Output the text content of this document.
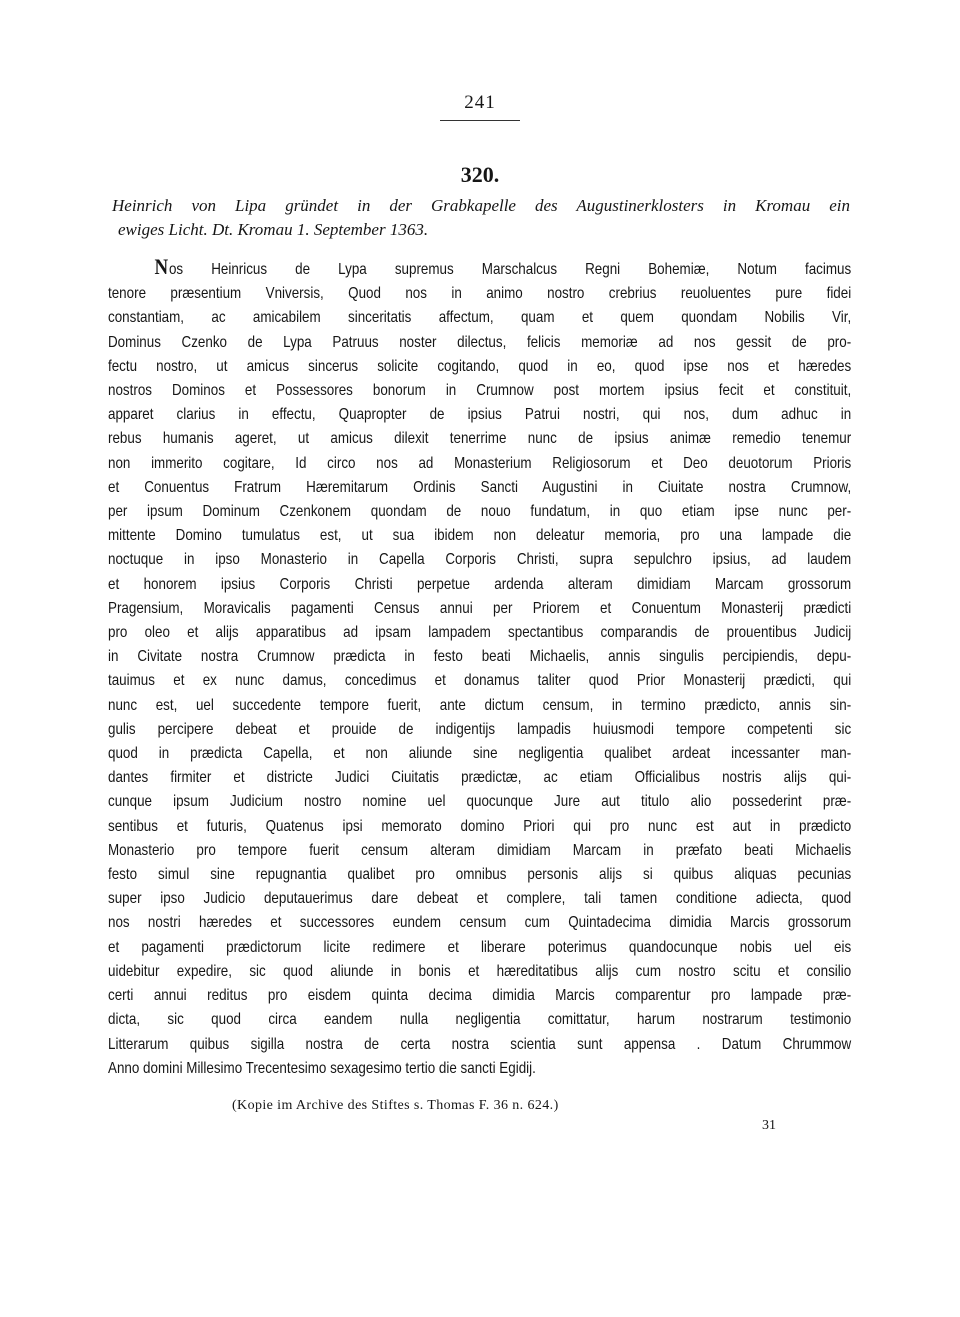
241
320.
Heinrich von Lipa gründet in der Grabkapelle des Augustinerklosters in Kromau ein
ewiges Licht. Dt. Kromau 1. September 1363.
Nos Heinricus de Lypa supremus Marschalcus Regni Bohemiæ, Notum facimus
tenore præsentium Vniversis, Quod nos in animo nostro crebrius reuoluentes pure fidei
constantiam, ac amicabilem sinceritatis affectum, quam et quem quondam Nobilis Vir,
Dominus Czenko de Lypa Patruus noster dilectus, felicis memoriæ ad nos gessit de pro-
fectu nostro, ut amicus sincerus solicite cogitando, quod in eo, quod ipse nos et hæredes
nostros Dominos et Possessores bonorum in Crumnow post mortem ipsius fecit et constituit,
apparet clarius in effectu, Quapropter de ipsius Patrui nostri, qui nos, dum adhuc in
rebus humanis ageret, ut amicus dilexit tenerrime nunc de ipsius animæ remedio tenemur
non immerito cogitare, Id circo nos ad Monasterium Religiosorum et Deo deuotorum Prioris
et Conuentus Fratrum Hæremitarum Ordinis Sancti Augustini in Ciuitate nostra Crumnow,
per ipsum Dominum Czenkonem quondam de nouo fundatum, in quo etiam ipse nunc per-
mittente Domino tumulatus est, ut sua ibidem non deleatur memoria, pro una lampade die
noctuque in ipso Monasterio in Capella Corporis Christi, supra sepulchro ipsius, ad laudem
et honorem ipsius Corporis Christi perpetue ardenda alteram dimidiam Marcam grossorum
Pragensium, Moravicalis pagamenti Census annui per Priorem et Conuentum Monasterij prædicti
pro oleo et alijs apparatibus ad ipsam lampadem spectantibus comparandis de prouentibus Judicij
in Civitate nostra Crumnow prædicta in festo beati Michaelis, annis singulis percipiendis, depu-
tauimus et ex nunc damus, concedimus et donamus taliter quod Prior Monasterij prædicti, qui
nunc est, uel succedente tempore fuerit, ante dictum censum, in termino prædicto, annis sin-
gulis percipere debeat et prouide de indigentijs lampadis huiusmodi tempore competenti sic
quod in prædicta Capella, et non aliunde sine negligentia qualibet ardeat incessanter man-
dantes firmiter et districte Judici Ciuitatis prædictæ, ac etiam Officialibus nostris alijs qui-
cunque ipsum Judicium nostro nomine uel quocunque Jure aut titulo alio possederint præ-
sentibus et futuris, Quatenus ipsi memorato domino Priori qui pro nunc est aut in prædicto
Monasterio pro tempore fuerit censum alteram dimidiam Marcam in præfato beati Michaelis
festo simul sine repugnantia qualibet pro omnibus personis alijs si quibus aliquas pecunias
super ipso Judicio deputauerimus dare debeat et complere, tali tamen conditione adiecta, quod
nos nostri hæredes et successores eundem censum cum Quintadecima dimidia Marcis grossorum
et pagamenti prædictorum licite redimere et liberare poterimus quandocunque nobis uel eis
uidebitur expedire, sic quod aliunde in bonis et hæreditatibus alijs cum nostro scitu et consilio
certi annui reditus pro eisdem quinta decima dimidia Marcis comparentur pro lampade præ-
dicta, sic quod circa eandem nulla negligentia comittatur, harum nostrarum testimonio
Litterarum quibus sigilla nostra de certa nostra scientia sunt appensa . Datum Chrummow
Anno domini Millesimo Trecentesimo sexagesimo tertio die sancti Egidij.
(Kopie im Archive des Stiftes s. Thomas F. 36 n. 624.)
31
